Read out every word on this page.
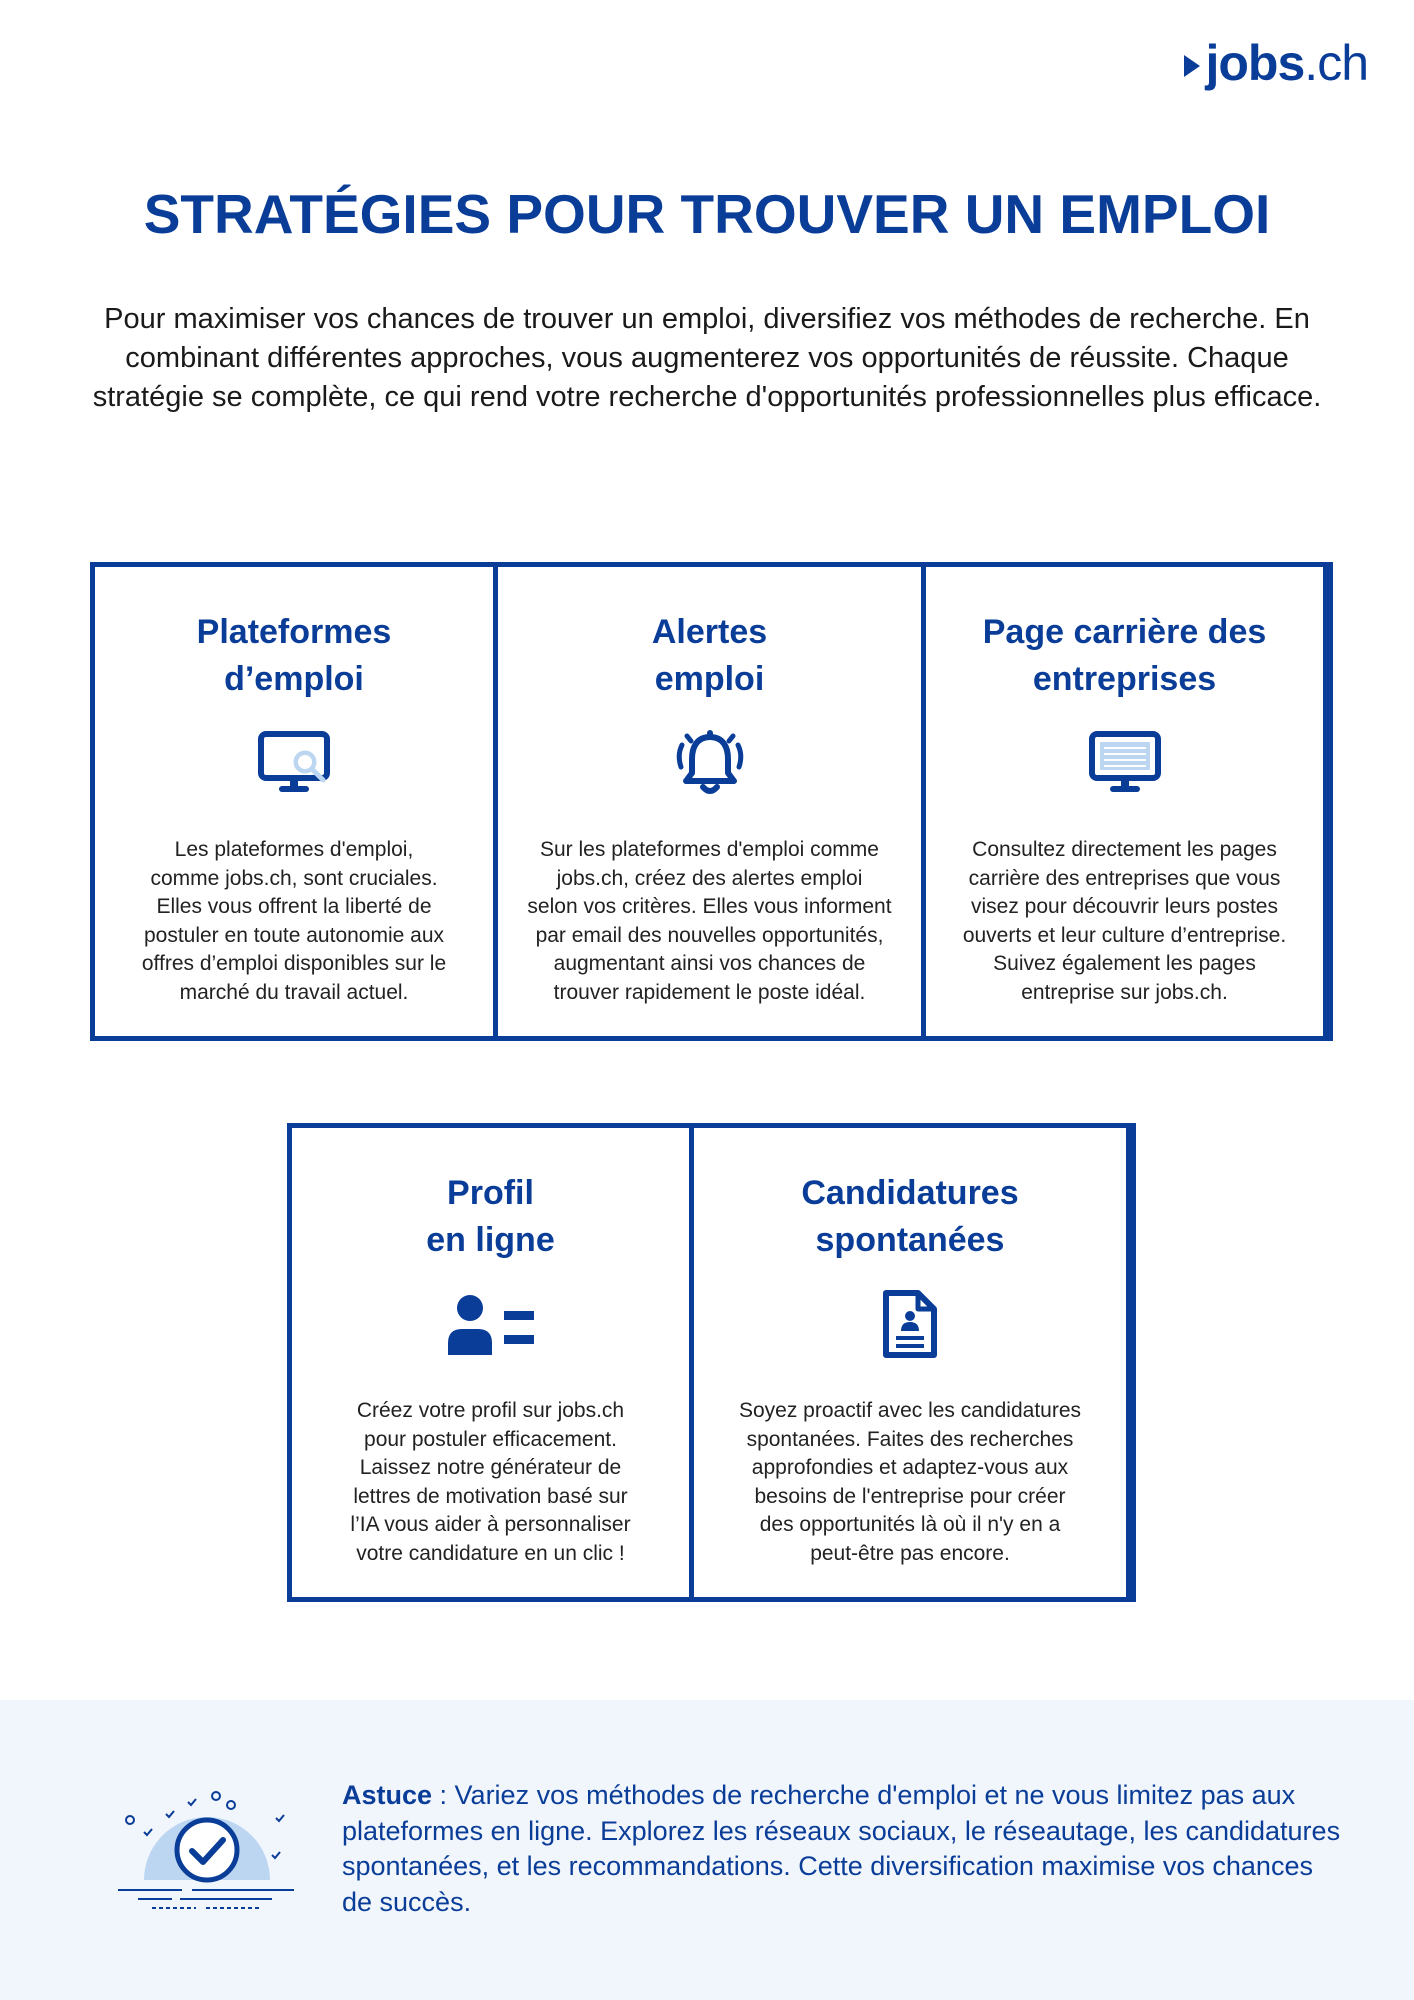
jobs.ch
STRATÉGIES POUR TROUVER UN EMPLOI

Pour maximiser vos chances de trouver un emploi, diversifiez vos méthodes de recherche. En combinant différentes approches, vous augmenterez vos opportunités de réussite. Chaque stratégie se complète, ce qui rend votre recherche d'opportunités professionnelles plus efficace.

Plateformes
d’emploi

Les plateformes d'emploi,
comme jobs.ch, sont cruciales.
Elles vous offrent la liberté de
postuler en toute autonomie aux
offres d’emploi disponibles sur le
marché du travail actuel.

Alertes
emploi

Sur les plateformes d'emploi comme
jobs.ch, créez des alertes emploi
selon vos critères. Elles vous informent
par email des nouvelles opportunités,
augmentant ainsi vos chances de
trouver rapidement le poste idéal.

Page carrière des
entreprises

Consultez directement les pages
carrière des entreprises que vous
visez pour découvrir leurs postes
ouverts et leur culture d’entreprise.
Suivez également les pages
entreprise sur jobs.ch.

Profil
en ligne

Créez votre profil sur jobs.ch
pour postuler efficacement.
Laissez notre générateur de
lettres de motivation basé sur
l’IA vous aider à personnaliser
votre candidature en un clic !

Candidatures
spontanées

Soyez proactif avec les candidatures
spontanées. Faites des recherches
approfondies et adaptez-vous aux
besoins de l'entreprise pour créer
des opportunités là où il n'y en a
peut-être pas encore.

Astuce : Variez vos méthodes de recherche d'emploi et ne vous limitez pas aux plateformes en ligne. Explorez les réseaux sociaux, le réseautage, les candidatures spontanées, et les recommandations. Cette diversification maximise vos chances de succès.
